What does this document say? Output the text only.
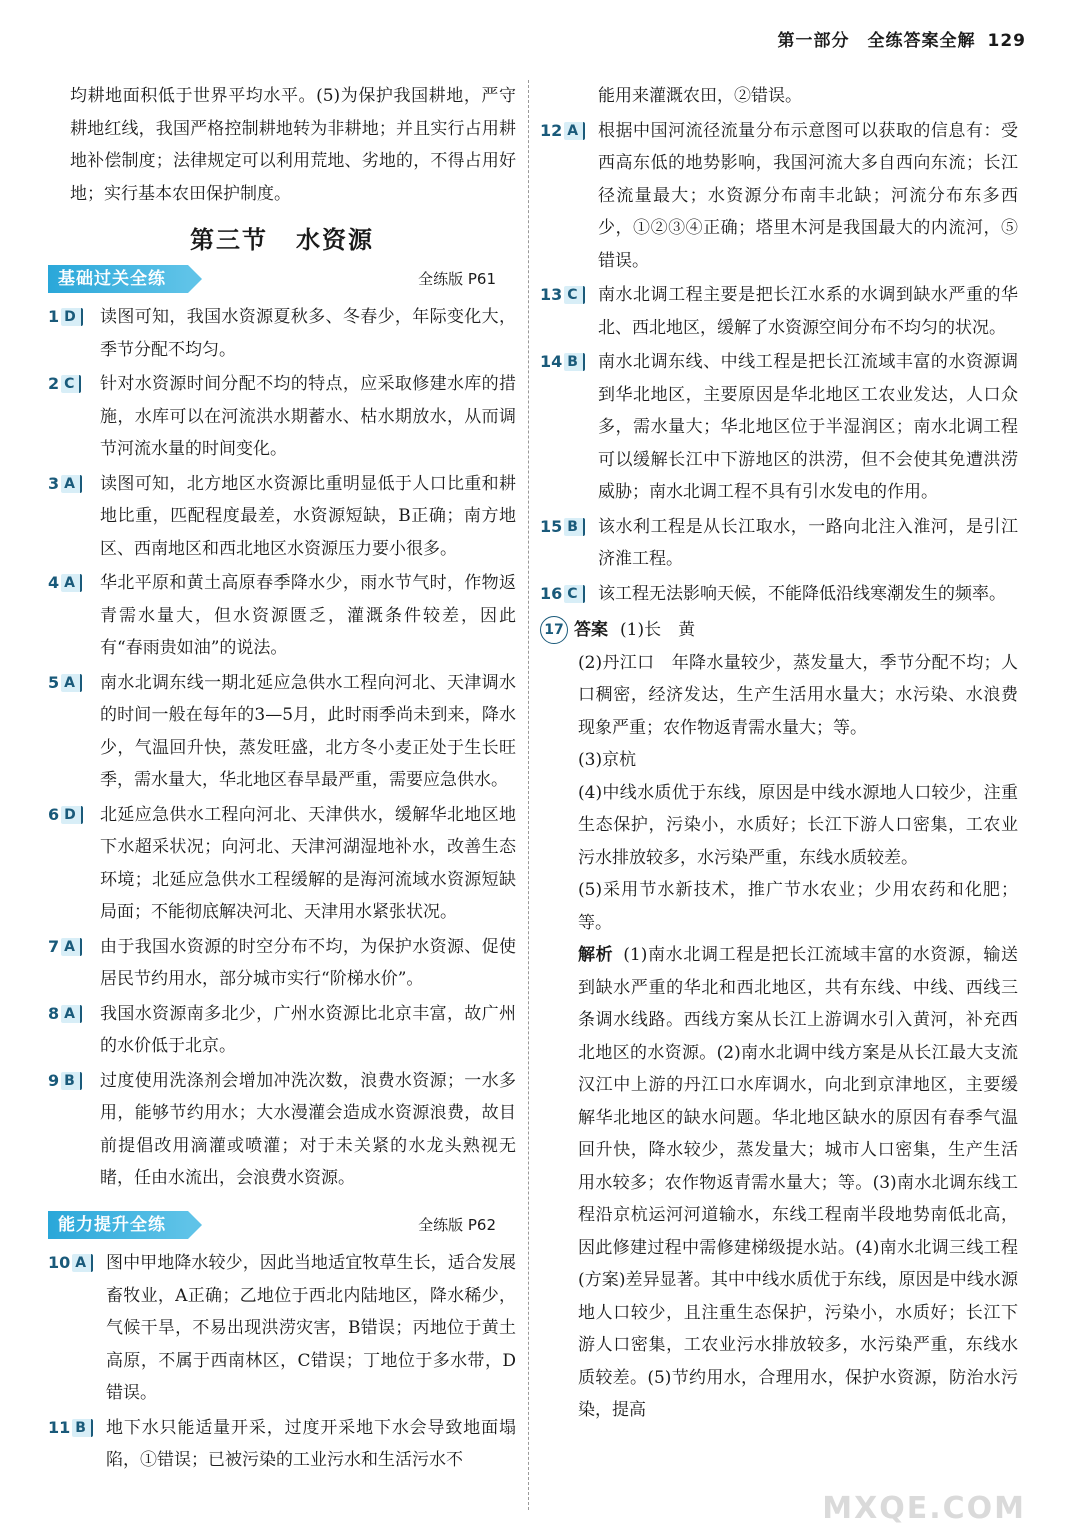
第一部分　全练答案全解 129

均耕地面积低于世界平均水平。(5)为保护我国耕地，严守耕地红线，我国严格控制耕地转为非耕地；并且实行占用耕地补偿制度；法律规定可以利用荒地、劣地的，不得占用好地；实行基本农田保护制度。

第三节 水资源
基础过关全练	全练版 P61
1 D	读图可知，我国水资源夏秋多、冬春少，年际变化大，季节分配不均匀。
2 C	针对水资源时间分配不均的特点，应采取修建水库的措施，水库可以在河流洪水期蓄水、枯水期放水，从而调节河流水量的时间变化。
3 A	读图可知，北方地区水资源比重明显低于人口比重和耕地比重，匹配程度最差，水资源短缺，B正确；南方地区、西南地区和西北地区水资源压力要小很多。
4 A	华北平原和黄土高原春季降水少，雨水节气时，作物返青需水量大，但水资源匮乏，灌溉条件较差，因此有“春雨贵如油”的说法。
5 A	南水北调东线一期北延应急供水工程向河北、天津调水的时间一般在每年的3—5月，此时雨季尚未到来，降水少，气温回升快，蒸发旺盛，北方冬小麦正处于生长旺季，需水量大，华北地区春旱最严重，需要应急供水。
6 D	北延应急供水工程向河北、天津供水，缓解华北地区地下水超采状况；向河北、天津河湖湿地补水，改善生态环境；北延应急供水工程缓解的是海河流域水资源短缺局面；不能彻底解决河北、天津用水紧张状况。
7 A	由于我国水资源的时空分布不均，为保护水资源、促使居民节约用水，部分城市实行“阶梯水价”。
8 A	我国水资源南多北少，广州水资源比北京丰富，故广州的水价低于北京。
9 B	过度使用洗涤剂会增加冲洗次数，浪费水资源；一水多用，能够节约用水；大水漫灌会造成水资源浪费，故目前提倡改用滴灌或喷灌；对于未关紧的水龙头熟视无睹，任由水流出，会浪费水资源。
能力提升全练	全练版 P62
10 A	图中甲地降水较少，因此当地适宜牧草生长，适合发展畜牧业，A正确；乙地位于西北内陆地区，降水稀少，气候干旱，不易出现洪涝灾害，B错误；丙地位于黄土高原，不属于西南林区，C错误；丁地位于多水带，D错误。
11 B	地下水只能适量开采，过度开采地下水会导致地面塌陷，①错误；已被污染的工业污水和生活污水不

能用来灌溉农田，②错误。

12 A	根据中国河流径流量分布示意图可以获取的信息有：受西高东低的地势影响，我国河流大多自西向东流；长江径流量最大；水资源分布南丰北缺；河流分布东多西少，①②③④正确；塔里木河是我国最大的内流河，⑤错误。
13 C	南水北调工程主要是把长江水系的水调到缺水严重的华北、西北地区，缓解了水资源空间分布不均匀的状况。
14 B	南水北调东线、中线工程是把长江流域丰富的水资源调到华北地区，主要原因是华北地区工农业发达，人口众多，需水量大；华北地区位于半湿润区；南水北调工程可以缓解长江中下游地区的洪涝，但不会使其免遭洪涝威胁；南水北调工程不具有引水发电的作用。
15 B	该水利工程是从长江取水，一路向北注入淮河，是引江济淮工程。
16 C	该工程无法影响天候，不能降低沿线寒潮发生的频率。
17 答案 (1)长　黄

(2)丹江口　年降水量较少，蒸发量大，季节分配不均；人口稠密，经济发达，生产生活用水量大；水污染、水浪费现象严重；农作物返青需水量大；等。

(3)京杭

(4)中线水质优于东线，原因是中线水源地人口较少，注重生态保护，污染小，水质好；长江下游人口密集，工农业污水排放较多，水污染严重，东线水质较差。

(5)采用节水新技术，推广节水农业；少用农药和化肥；等。

解析 (1)南水北调工程是把长江流域丰富的水资源，输送到缺水严重的华北和西北地区，共有东线、中线、西线三条调水线路。西线方案从长江上游调水引入黄河，补充西北地区的水资源。(2)南水北调中线方案是从长江最大支流汉江中上游的丹江口水库调水，向北到京津地区，主要缓解华北地区的缺水问题。华北地区缺水的原因有春季气温回升快，降水较少，蒸发量大；城市人口密集，生产生活用水较多；农作物返青需水量大；等。(3)南水北调东线工程沿京杭运河河道输水，东线工程南半段地势南低北高，因此修建过程中需修建梯级提水站。(4)南水北调三线工程(方案)差异显著。其中中线水质优于东线，原因是中线水源地人口较少，且注重生态保护，污染小，水质好；长江下游人口密集，工农业污水排放较多，水污染严重，东线水质较差。(5)节约用水，合理用水，保护水资源，防治水污染，提高

MXQE.COM
